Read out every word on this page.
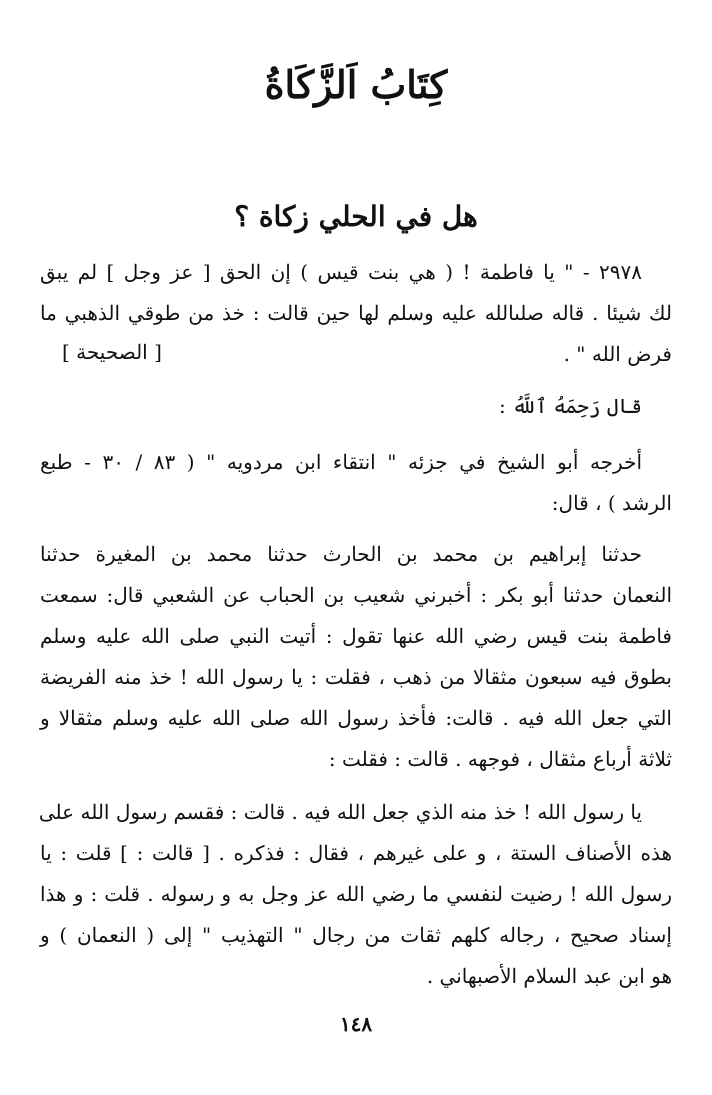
كِتَابُ اَلزَّكَاةُ
هل في الحلي زكاة ؟
٢٩٧٨ - " يا فاطمة ! ( هي بنت قيس ) إن الحق [ عز وجل ] لم يبق
لك شيئا . قاله صلىالله عليه وسلم لها حين قالت : خذ من طوقي الذهبي ما
فرض الله " .
[ الصحيحة ]
قال رَحِمَهُ ٱللَّهُ :
أخرجه أبو الشيخ في جزئه " انتقاء ابن مردويه " ( ٨٣ / ٣٠ - طبع
الرشد ) ، قال:
حدثنا إبراهيم بن محمد بن الحارث حدثنا محمد بن المغيرة حدثنا
النعمان حدثنا أبو بكر : أخبرني شعيب بن الحباب عن الشعبي قال: سمعت
فاطمة بنت قيس رضي الله عنها تقول : أتيت النبي صلى الله عليه وسلم
بطوق فيه سبعون مثقالا من ذهب ، فقلت : يا رسول الله ! خذ منه الفريضة
التي جعل الله فيه . قالت: فأخذ رسول الله صلى الله عليه وسلم مثقالا و
ثلاثة أرباع مثقال ، فوجهه . قالت : فقلت :
يا رسول الله ! خذ منه الذي جعل الله فيه . قالت : فقسم رسول الله على
هذه الأصناف الستة ، و على غيرهم ، فقال : فذكره . [ قالت : ] قلت : يا
رسول الله ! رضيت لنفسي ما رضي الله عز وجل به و رسوله . قلت : و هذا
إسناد صحيح ، رجاله كلهم ثقات من رجال " التهذيب " إلى ( النعمان ) و
هو ابن عبد السلام الأصبهاني .
١٤٨
